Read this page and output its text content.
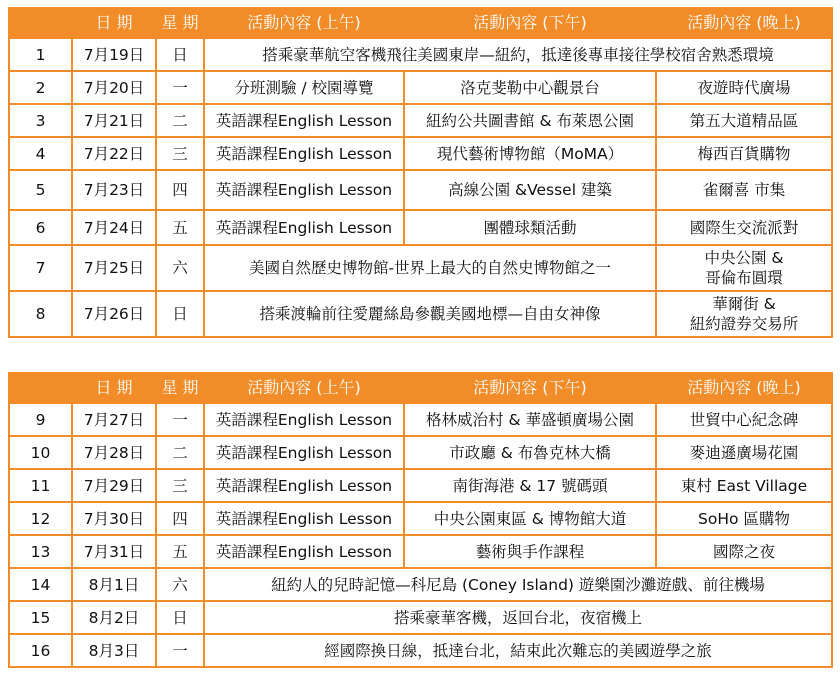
	日 期	星 期	活動內容 (上午)	活動內容 (下午)	活動內容 (晚上)
1	7月19日	日	搭乘豪華航空客機飛往美國東岸—紐約，抵達後專車接往學校宿舍熟悉環境		
2	7月20日	一	分班測驗 / 校園導覽	洛克斐勒中心觀景台	夜遊時代廣場
3	7月21日	二	英語課程English Lesson	紐約公共圖書館 & 布萊恩公園	第五大道精品區
4	7月22日	三	英語課程English Lesson	現代藝術博物館（MoMA）	梅西百貨購物
5	7月23日	四	英語課程English Lesson	高線公園 &Vessel 建築	雀爾喜 市集
6	7月24日	五	英語課程English Lesson	團體球類活動	國際生交流派對
7	7月25日	六	美國自然歷史博物館-世界上最大的自然史博物館之一		中央公園 &
哥倫布圓環

8	7月26日	日	搭乘渡輪前往愛麗絲島參觀美國地標—自由女神像		華爾街 &
紐約證券交易所
	日 期	星 期	活動內容 (上午)	活動內容 (下午)	活動內容 (晚上)
9	7月27日	一	英語課程English Lesson	格林威治村 & 華盛頓廣場公園	世貿中心紀念碑
10	7月28日	二	英語課程English Lesson	市政廳 & 布魯克林大橋	麥迪遜廣場花園
11	7月29日	三	英語課程English Lesson	南街海港 & 17 號碼頭	東村 East Village
12	7月30日	四	英語課程English Lesson	中央公園東區 & 博物館大道	SoHo 區購物
13	7月31日	五	英語課程English Lesson	藝術與手作課程	國際之夜
14	8月1日	六	紐約人的兒時記憶—科尼島 (Coney Island) 遊樂園沙灘遊戲、前往機場		
15	8月2日	日	搭乘豪華客機，返回台北，夜宿機上		
16	8月3日	一	經國際換日線，抵達台北，結束此次難忘的美國遊學之旅		
